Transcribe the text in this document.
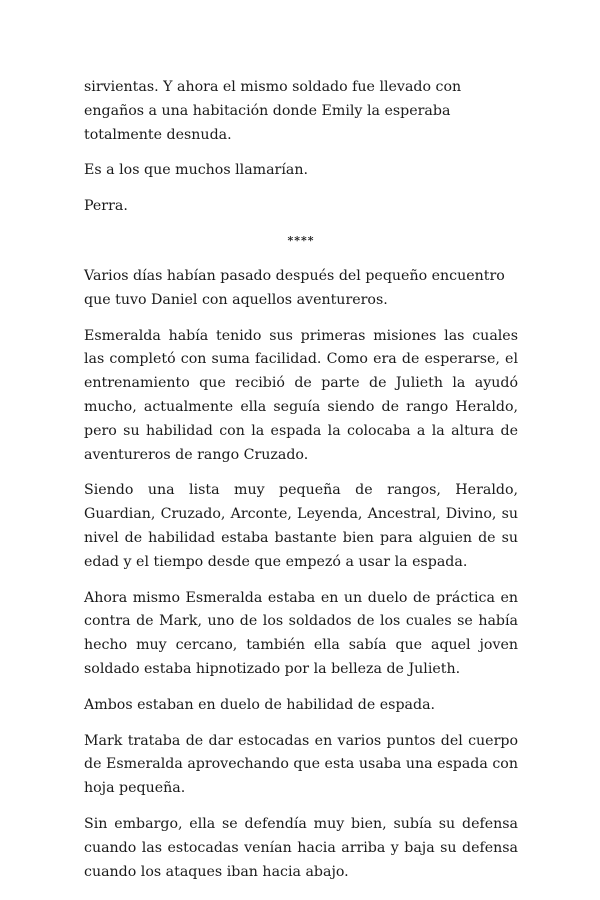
sirvientas. Y ahora el mismo soldado fue llevado con engaños a una habitación donde Emily la esperaba totalmente desnuda.

Es a los que muchos llamarían.

Perra.

****

Varios días habían pasado después del pequeño encuentro que tuvo Daniel con aquellos aventureros.

Esmeralda había tenido sus primeras misiones las cuales las completó con suma facilidad. Como era de esperarse, el entrenamiento que recibió de parte de Julieth la ayudó mucho, actualmente ella seguía siendo de rango Heraldo, pero su habilidad con la espada la colocaba a la altura de aventureros de rango Cruzado.

Siendo una lista muy pequeña de rangos, Heraldo, Guardian, Cruzado, Arconte, Leyenda, Ancestral, Divino, su nivel de habilidad estaba bastante bien para alguien de su edad y el tiempo desde que empezó a usar la espada.

Ahora mismo Esmeralda estaba en un duelo de práctica en contra de Mark, uno de los soldados de los cuales se había hecho muy cercano, también ella sabía que aquel joven soldado estaba hipnotizado por la belleza de Julieth.

Ambos estaban en duelo de habilidad de espada.

Mark trataba de dar estocadas en varios puntos del cuerpo de Esmeralda aprovechando que esta usaba una espada con hoja pequeña.

Sin embargo, ella se defendía muy bien, subía su defensa cuando las estocadas venían hacia arriba y baja su defensa cuando los ataques iban hacia abajo.
